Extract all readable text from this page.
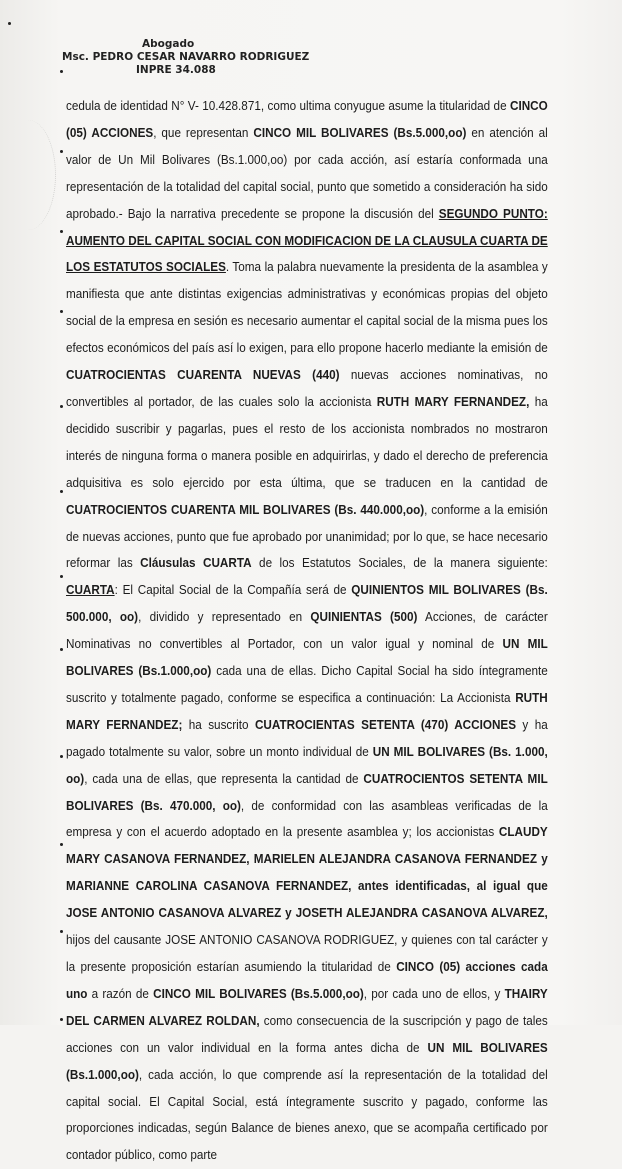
Abogado
Msc. PEDRO CESAR NAVARRO RODRIGUEZ
INPRE 34.088

cedula de identidad N° V- 10.428.871, como ultima conyugue asume la titularidad de CINCO (05) ACCIONES, que representan CINCO MIL BOLIVARES (Bs.5.000,oo) en atención al valor de Un Mil Bolivares (Bs.1.000,oo) por cada acción, así estaría conformada una representación de la totalidad del capital social, punto que sometido a consideración ha sido aprobado.- Bajo la narrativa precedente se propone la discusión del SEGUNDO PUNTO: AUMENTO DEL CAPITAL SOCIAL CON MODIFICACION DE LA CLAUSULA CUARTA DE LOS ESTATUTOS SOCIALES. Toma la palabra nuevamente la presidenta de la asamblea y manifiesta que ante distintas exigencias administrativas y económicas propias del objeto social de la empresa en sesión es necesario aumentar el capital social de la misma pues los efectos económicos del país así lo exigen, para ello propone hacerlo mediante la emisión de CUATROCIENTAS CUARENTA NUEVAS (440) nuevas acciones nominativas, no convertibles al portador, de las cuales solo la accionista RUTH MARY FERNANDEZ, ha decidido suscribir y pagarlas, pues el resto de los accionista nombrados no mostraron interés de ninguna forma o manera posible en adquirirlas, y dado el derecho de preferencia adquisitiva es solo ejercido por esta última, que se traducen en la cantidad de CUATROCIENTOS CUARENTA MIL BOLIVARES (Bs. 440.000,oo), conforme a la emisión de nuevas acciones, punto que fue aprobado por unanimidad; por lo que, se hace necesario reformar las Cláusulas CUARTA de los Estatutos Sociales, de la manera siguiente: CUARTA: El Capital Social de la Compañía será de QUINIENTOS MIL BOLIVARES (Bs. 500.000, oo), dividido y representado en QUINIENTAS (500) Acciones, de carácter Nominativas no convertibles al Portador, con un valor igual y nominal de UN MIL BOLIVARES (Bs.1.000,oo) cada una de ellas. Dicho Capital Social ha sido íntegramente suscrito y totalmente pagado, conforme se especifica a continuación: La Accionista RUTH MARY FERNANDEZ; ha suscrito CUATROCIENTAS SETENTA (470) ACCIONES y ha pagado totalmente su valor, sobre un monto individual de UN MIL BOLIVARES (Bs. 1.000, oo), cada una de ellas, que representa la cantidad de CUATROCIENTOS SETENTA MIL BOLIVARES (Bs. 470.000, oo), de conformidad con las asambleas verificadas de la empresa y con el acuerdo adoptado en la presente asamblea y; los accionistas CLAUDY MARY CASANOVA FERNANDEZ, MARIELEN ALEJANDRA CASANOVA FERNANDEZ y MARIANNE CAROLINA CASANOVA FERNANDEZ, antes identificadas, al igual que JOSE ANTONIO CASANOVA ALVAREZ y JOSETH ALEJANDRA CASANOVA ALVAREZ, hijos del causante JOSE ANTONIO CASANOVA RODRIGUEZ, y quienes con tal carácter y la presente proposición estarían asumiendo la titularidad de CINCO (05) acciones cada uno a razón de CINCO MIL BOLIVARES (Bs.5.000,oo), por cada uno de ellos, y THAIRY DEL CARMEN ALVAREZ ROLDAN, como consecuencia de la suscripción y pago de tales acciones con un valor individual en la forma antes dicha de UN MIL BOLIVARES (Bs.1.000,oo), cada acción, lo que comprende así la representación de la totalidad del capital social. El Capital Social, está íntegramente suscrito y pagado, conforme las proporciones indicadas, según Balance de bienes anexo, que se acompaña certificado por contador público, como parte
